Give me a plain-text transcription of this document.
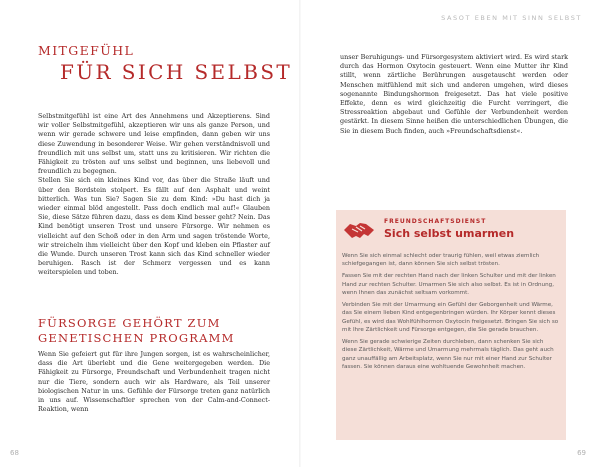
SASOT EBEN MIT SINN SELBST
MITGEFÜHL
FÜR SICH SELBST

Selbstmitgefühl ist eine Art des Annehmens und Akzeptierens. Sind wir voller Selbstmitgefühl, akzeptieren wir uns als ganze Person, und wenn wir gerade schwere und leise empfinden, dann geben wir uns diese Zuwendung in besonderer Weise. Wir gehen verständnisvoll und freundlich mit uns selbst um, statt uns zu kritisieren. Wir richten die Fähigkeit zu trösten auf uns selbst und beginnen, uns liebevoll und freundlich zu begegnen.

Stellen Sie sich ein kleines Kind vor, das über die Straße läuft und über den Bordstein stolpert. Es fällt auf den Asphalt und weint bitterlich. Was tun Sie? Sagen Sie zu dem Kind: »Du hast dich ja wieder einmal blöd angestellt. Pass doch endlich mal auf!« Glauben Sie, diese Sätze führen dazu, dass es dem Kind besser geht? Nein. Das Kind benötigt unseren Trost und unsere Fürsorge. Wir nehmen es vielleicht auf den Schoß oder in den Arm und sagen tröstende Worte, wir streicheln ihm vielleicht über den Kopf und kleben ein Pflaster auf die Wunde. Durch unseren Trost kann sich das Kind schneller wieder beruhigen. Rasch ist der Schmerz vergessen und es kann weiterspielen und toben.

FÜRSORGE GEHÖRT ZUM
GENETISCHEN PROGRAMM

Wenn Sie gefeiert gut für ihre Jungen sorgen, ist es wahrscheinlicher, dass die Art überlebt und die Gene weitergegeben werden. Die Fähigkeit zu Fürsorge, Freundschaft und Verbundenheit tragen nicht nur die Tiere, sondern auch wir als Hardware, als Teil unserer biologischen Natur in uns. Gefühle der Fürsorge treten ganz natürlich in uns auf. Wissenschaftler sprechen von der Calm-and-Connect-Reaktion, wenn

68

unser Beruhigungs- und Fürsorgesystem aktiviert wird. Es wird stark durch das Hormon Oxytocin gesteuert. Wenn eine Mutter ihr Kind stillt, wenn zärtliche Berührungen ausgetauscht werden oder Menschen mitfühlend mit sich und anderen umgehen, wird dieses sogenannte Bindungshormon freigesetzt. Das hat viele positive Effekte, denn es wird gleichzeitig die Furcht verringert, die Stressreaktion abgebaut und Gefühle der Verbundenheit werden gestärkt. In diesem Sinne heißen die unterschiedlichen Übungen, die Sie in diesem Buch finden, auch »Freundschaftsdienst«.

FREUNDSCHAFTSDIENST
Sich selbst umarmen

Wenn Sie sich einmal schlecht oder traurig fühlen, weil etwas ziemlich schiefgegangen ist, dann können Sie sich selbst trösten.

Fassen Sie mit der rechten Hand nach der linken Schulter und mit der linken Hand zur rechten Schulter. Umarmen Sie sich also selbst. Es ist in Ordnung, wenn Ihnen das zunächst seltsam vorkommt.

Verbinden Sie mit der Umarmung ein Gefühl der Geborgenheit und Wärme, das Sie einem lieben Kind entgegenbringen würden. Ihr Körper kennt dieses Gefühl, es wird das Wohlfühlhormon Oxytocin freigesetzt. Bringen Sie sich so mit Ihre Zärtlichkeit und Fürsorge entgegen, die Sie gerade brauchen.

Wenn Sie gerade schwierige Zeiten durchleben, dann schenken Sie sich diese Zärtlichkeit, Wärme und Umarmung mehrmals täglich. Das geht auch ganz unauffällig am Arbeitsplatz, wenn Sie nur mit einer Hand zur Schulter fassen. Sie können daraus eine wohltuende Gewohnheit machen.

69
